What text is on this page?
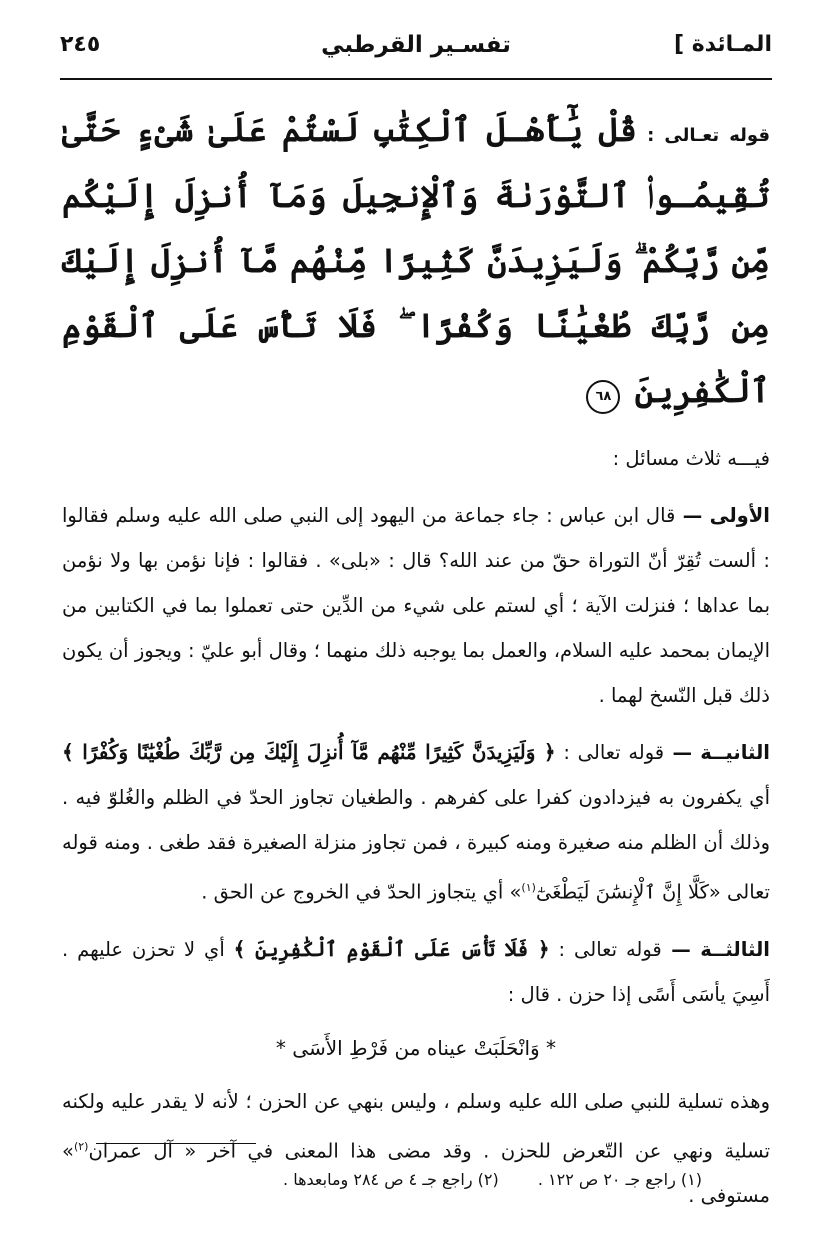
المـائدة ]
تفسـير القرطبي
٢٤٥
قوله تعـالى : قُلْ يَٰٓأَهْـلَ ٱلْكِتَٰبِ لَسْتُمْ عَلَىٰ شَىْءٍ حَتَّىٰ تُقِيمُـوا۟ ٱلتَّوْرَىٰةَ وَٱلْإِنجِيلَ وَمَآ أُنزِلَ إِلَيْكُم مِّن رَّبِّكُمْ ۗ وَلَيَزِيدَنَّ كَثِيرًا مِّنْهُم مَّآ أُنزِلَ إِلَيْكَ مِن رَّبِّكَ طُغْيَٰنًا وَكُفْرًا ۖ فَلَا تَأْسَ عَلَى ٱلْقَوْمِ ٱلْكَٰفِرِينَ ٦٨

فيـــه ثلاث مسائل :

الأولى — قال ابن عباس : جاء جماعة من اليهود إلى النبي صلى الله عليه وسلم فقالوا : ألست تُقِرّ أنّ التوراة حقّ من عند الله؟ قال : «بلى» . فقالوا : فإنا نؤمن بها ولا نؤمن بما عداها ؛ فنزلت الآية ؛ أي لستم على شيء من الدِّين حتى تعملوا بما في الكتابين من الإيمان بمحمد عليه السلام، والعمل بما يوجبه ذلك منهما ؛ وقال أبو عليّ : ويجوز أن يكون ذلك قبل النّسخ لهما .

الثانيــة — قوله تعالى : ﴿ وَلَيَزِيدَنَّ كَثِيرًا مِّنْهُم مَّآ أُنزِلَ إِلَيْكَ مِن رَّبِّكَ طُغْيَٰنًا وَكُفْرًا ﴾ أي يكفرون به فيزدادون كفرا على كفرهم . والطغيان تجاوز الحدّ في الظلم والغُلوّ فيه . وذلك أن الظلم منه صغيرة ومنه كبيرة ، فمن تجاوز منزلة الصغيرة فقد طغى . ومنه قوله تعالى «كَلَّا إِنَّ ٱلْإِنسَٰنَ لَيَطْغَىٰٓ$^{(١)}$» أي يتجاوز الحدّ في الخروج عن الحق .

الثالثــة — قوله تعالى : ﴿ فَلَا تَأْسَ عَلَى ٱلْقَوْمِ ٱلْكَٰفِرِينَ ﴾ أي لا تحزن عليهم . أَسِيَ يأسَى أَسًى إذا حزن . قال :

* وَانْحَلَبَتْ عيناه من فَرْطِ الأَسَى *

وهذه تسلية للنبي صلى الله عليه وسلم ، وليس بنهي عن الحزن ؛ لأنه لا يقدر عليه ولكنه تسلية ونهي عن التّعرض للحزن . وقد مضى هذا المعنى في آخر « آل عمران$^{(٢)}$» مستوفى .

(١) راجع جـ ٢٠ ص ١٢٢ . (٢) راجع جـ ٤ ص ٢٨٤ ومابعدها .
